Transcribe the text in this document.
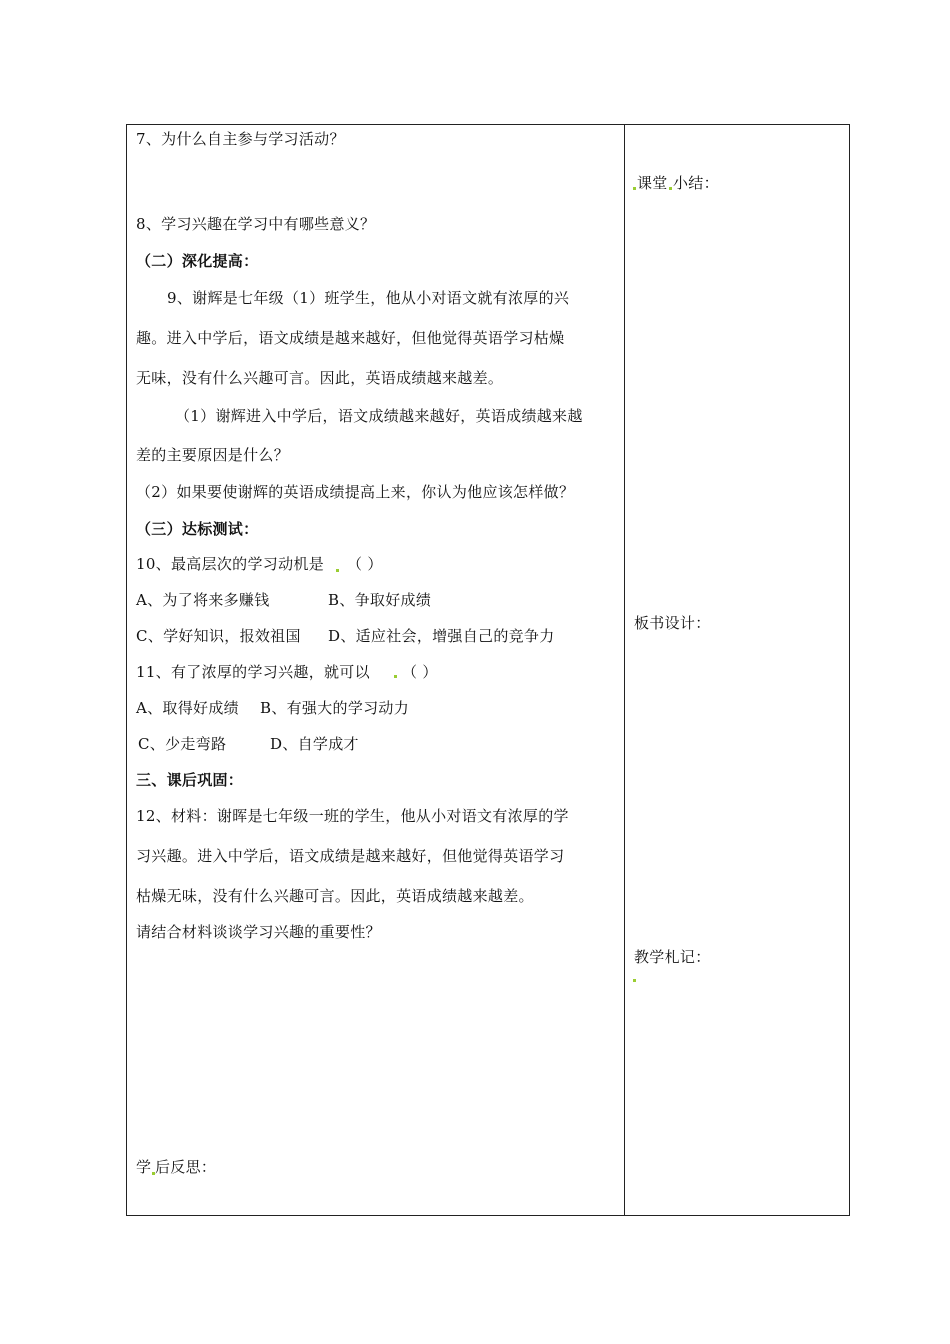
7、为什么自主参与学习活动？
8、学习兴趣在学习中有哪些意义？
（二）深化提高：
9、谢辉是七年级（1）班学生，他从小对语文就有浓厚的兴
趣。进入中学后，语文成绩是越来越好，但他觉得英语学习枯燥
无味，没有什么兴趣可言。因此，英语成绩越来越差。
（1）谢辉进入中学后，语文成绩越来越好，英语成绩越来越
差的主要原因是什么？
（2）如果要使谢辉的英语成绩提高上来，你认为他应该怎样做？
（三）达标测试：
10、最高层次的学习动机是 （ ）
A、为了将来多赚钱	B、争取好成绩
C、学好知识，报效祖国 D、适应社会，增强自己的竞争力
11、有了浓厚的学习兴趣，就可以 （ ）
A、取得好成绩 B、有强大的学习动力
C、少走弯路	D、自学成才
三、课后巩固：
12、材料：谢晖是七年级一班的学生，他从小对语文有浓厚的学
习兴趣。进入中学后，语文成绩是越来越好，但他觉得英语学习
枯燥无味，没有什么兴趣可言。因此，英语成绩越来越差。
请结合材料谈谈学习兴趣的重要性？
学 后反思：
课堂 小结：
板书设计：
教学札记：
